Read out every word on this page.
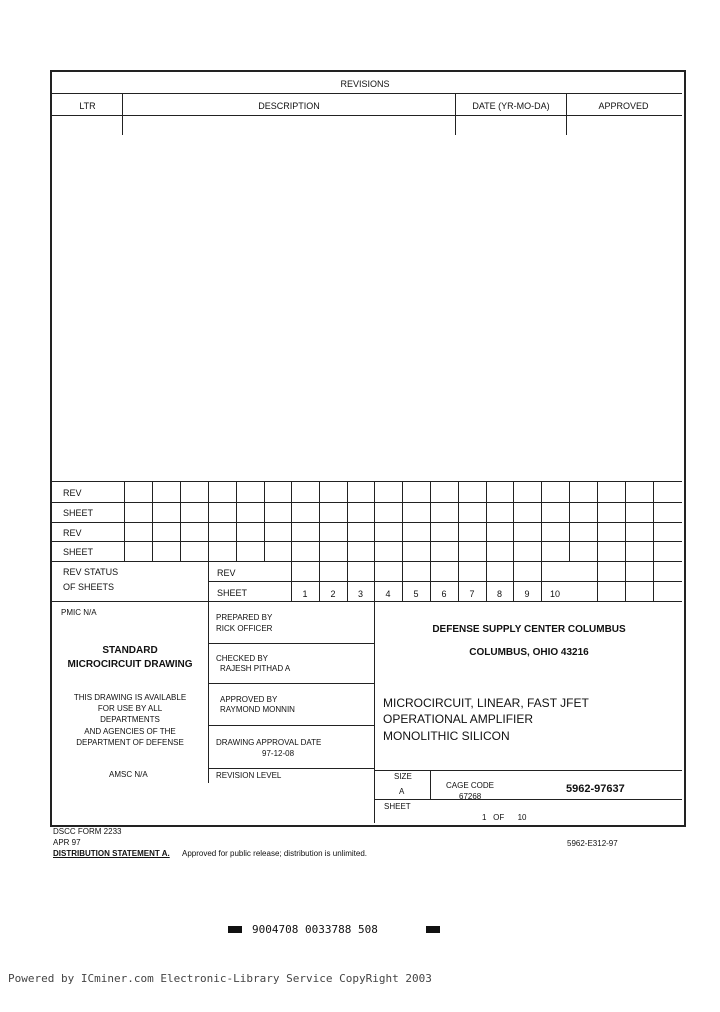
REVISIONS
LTR	DESCRIPTION	DATE (YR-MO-DA)	APPROVED
REV
SHEET
REV
SHEET
REV STATUS
OF SHEETS
REV
SHEET	1	2	3	4	5	6	7	8	9	10
PMIC N/A
STANDARD
MICROCIRCUIT DRAWING
THIS DRAWING IS AVAILABLE
FOR USE BY ALL
DEPARTMENTS
AND AGENCIES OF THE
DEPARTMENT OF DEFENSE
AMSC N/A
PREPARED BY
RICK OFFICER
CHECKED BY
RAJESH PITHAD A
APPROVED BY
RAYMOND MONNIN
DRAWING APPROVAL DATE
97-12-08
REVISION LEVEL
DEFENSE SUPPLY CENTER COLUMBUS
COLUMBUS, OHIO 43216
MICROCIRCUIT, LINEAR, FAST JFET
OPERATIONAL AMPLIFIER
MONOLITHIC SILICON
SIZE
A
CAGE CODE
67268
5962-97637
SHEET
1   OF      10
DSCC FORM 2233
APR 97
DISTRIBUTION STATEMENT A. Approved for public release; distribution is unlimited.
5962-E312-97
9004708 0033788 508
Powered by ICminer.com Electronic-Library Service CopyRight 2003
